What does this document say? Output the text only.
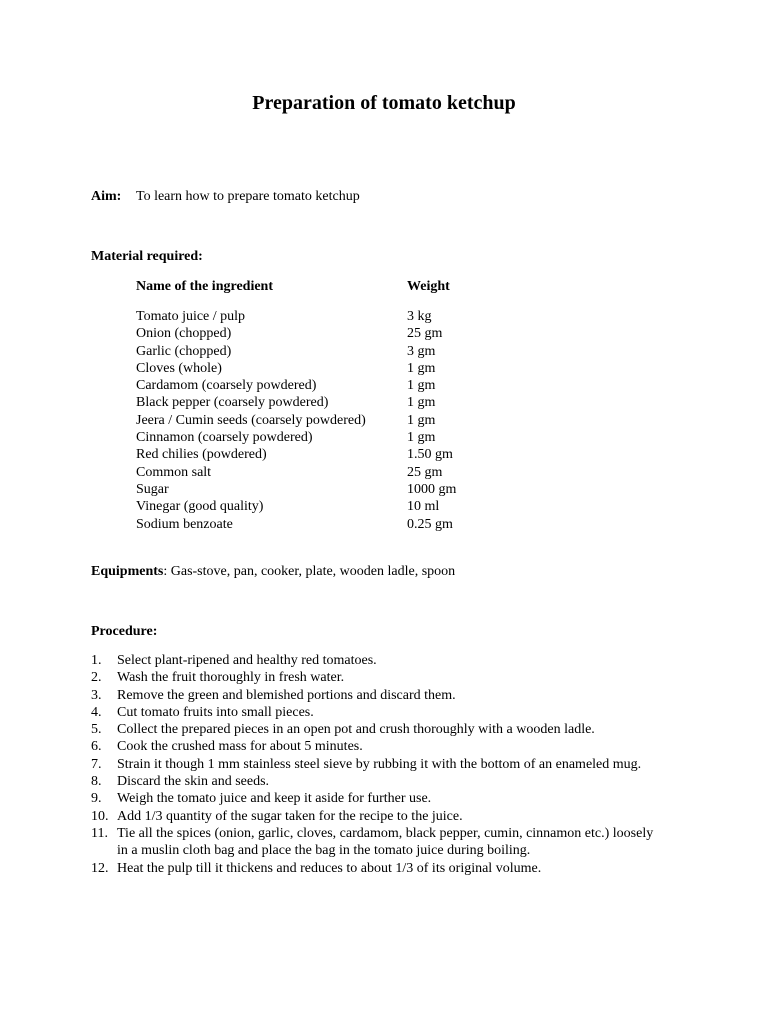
Preparation of tomato ketchup
Aim: To learn how to prepare tomato ketchup
Material required:
Name of the ingredient	Weight
Tomato juice / pulp	3 kg
Onion (chopped)	25 gm
Garlic (chopped)	3 gm
Cloves (whole)	1 gm
Cardamom (coarsely powdered)	1 gm
Black pepper (coarsely powdered)	1 gm
Jeera / Cumin seeds (coarsely powdered)	1 gm
Cinnamon (coarsely powdered)	1 gm
Red chilies (powdered)	1.50 gm
Common salt	25 gm
Sugar	1000 gm
Vinegar (good quality)	10 ml
Sodium benzoate	0.25 gm
Equipments: Gas-stove, pan, cooker, plate, wooden ladle, spoon
Procedure:
1.	Select plant-ripened and healthy red tomatoes.
2.	Wash the fruit thoroughly in fresh water.
3.	Remove the green and blemished portions and discard them.
4.	Cut tomato fruits into small pieces.
5.	Collect the prepared pieces in an open pot and crush thoroughly with a wooden ladle.
6.	Cook the crushed mass for about 5 minutes.
7.	Strain it though 1 mm stainless steel sieve by rubbing it with the bottom of an enameled mug.
8.	Discard the skin and seeds.
9.	Weigh the tomato juice and keep it aside for further use.
10. Add 1/3 quantity of the sugar taken for the recipe to the juice.
11. Tie all the spices (onion, garlic, cloves, cardamom, black pepper, cumin, cinnamon etc.) loosely in a muslin cloth bag and place the bag in the tomato juice during boiling.
12. Heat the pulp till it thickens and reduces to about 1/3 of its original volume.
